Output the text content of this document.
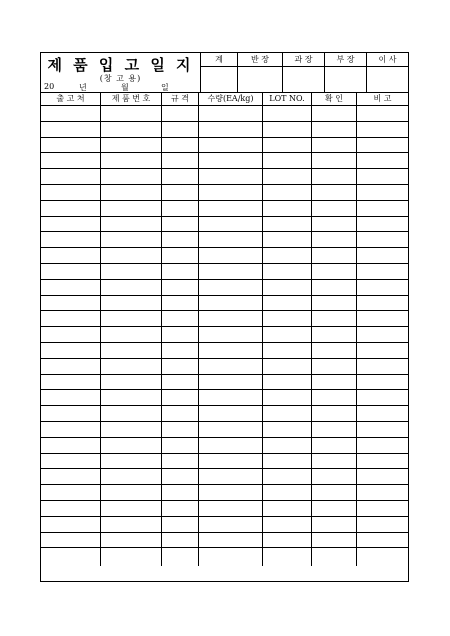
제 품 입 고 일 지
(창 고 용)
20	년	월	일
계	반 장	과 장	부 장	이 사
출 고 처	제 품 번 호	규 격	수량(EA/kg)	LOT NO.	확 인	비 고
